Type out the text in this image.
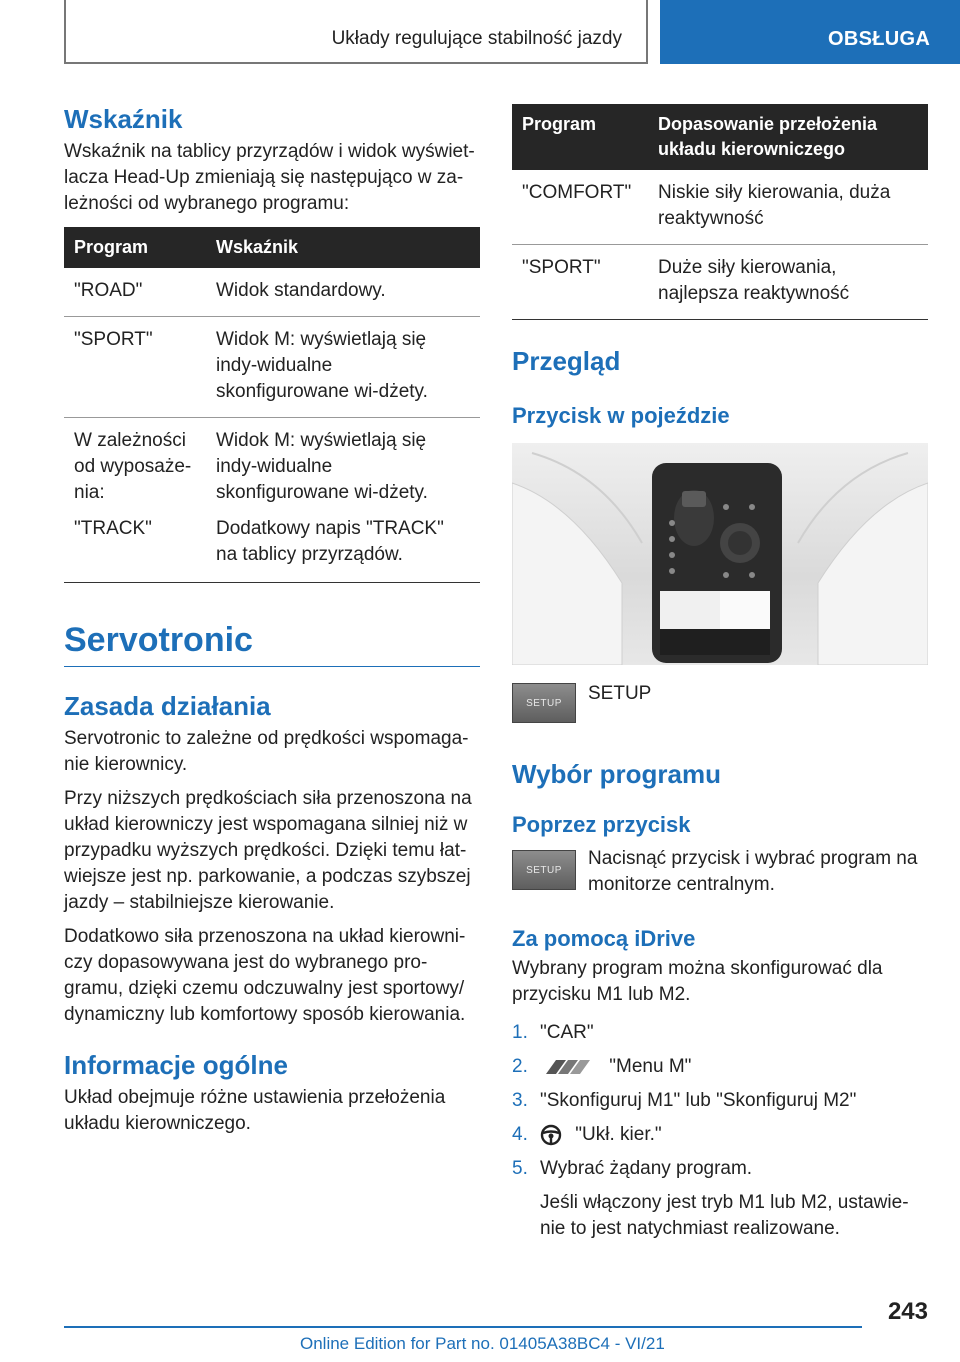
Układy regulujące stabilność jazdy	OBSŁUGA
Wskaźnik

Wskaźnik na tablicy przyrządów i widok wyświet-lacza Head-Up zmieniają się następująco w za-leżności od wybranego programu:

Program	Wskaźnik
"ROAD"	Widok standardowy.
"SPORT"	Widok M: wyświetlają się indy-widualne skonfigurowane wi-dżety.
W zależności od wyposaże-nia:	Widok M: wyświetlają się indy-widualne skonfigurowane wi-dżety.
"TRACK"	Dodatkowy napis "TRACK" na tablicy przyrządów.
Servotronic
Zasada działania

Servotronic to zależne od prędkości wspomaga-nie kierownicy.

Przy niższych prędkościach siła przenoszona na układ kierowniczy jest wspomagana silniej niż w przypadku wyższych prędkości. Dzięki temu łat-wiejsze jest np. parkowanie, a podczas szybszej jazdy – stabilniejsze kierowanie.

Dodatkowo siła przenoszona na układ kierowni-czy dopasowywana jest do wybranego pro-gramu, dzięki czemu odczuwalny jest sportowy/ dynamiczny lub komfortowy sposób kierowania.

Informacje ogólne

Układ obejmuje różne ustawienia przełożenia układu kierowniczego.

Program	Dopasowanie przełożenia układu kierowniczego
"COMFORT"	Niskie siły kierowania, duża reaktywność
"SPORT"	Duże siły kierowania, najlepsza reaktywność
Przegląd
Przycisk w pojeździe
SETUP SETUP
Wybór programu
Poprzez przycisk
SETUP

Nacisnąć przycisk i wybrać program na monitorze centralnym.

Za pomocą iDrive

Wybrany program można skonfigurować dla przycisku M1 lub M2.

1. "CAR"
2.	"Menu M"
3. "Skonfiguruj M1" lub "Skonfiguruj M2"
4. "Ukł. kier."
5. Wybrać żądany program.

Jeśli włączony jest tryb M1 lub M2, ustawie-nie to jest natychmiast realizowane.

243
Online Edition for Part no. 01405A38BC4 - VI/21
